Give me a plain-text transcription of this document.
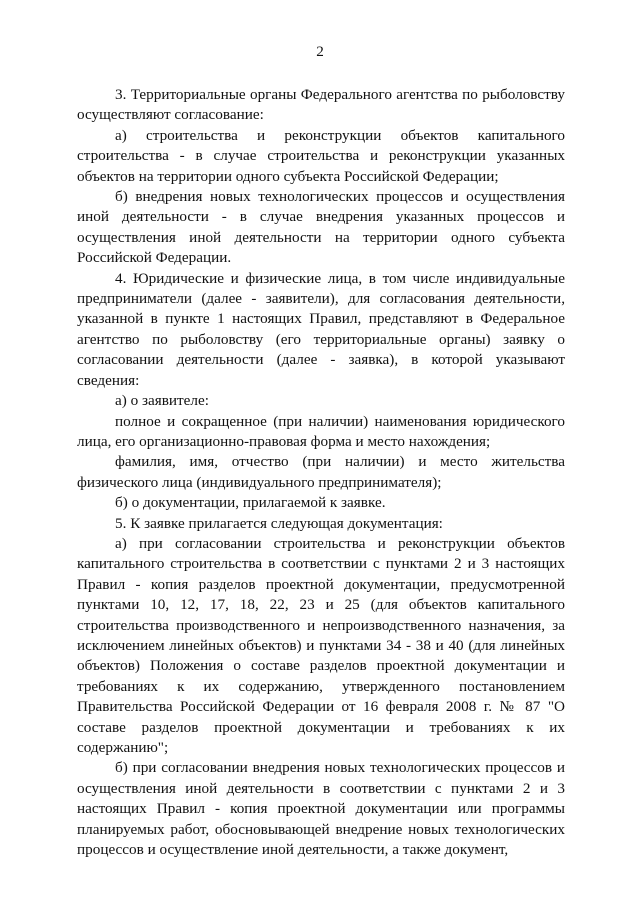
2

3. Территориальные органы Федерального агентства по рыболовству осуществляют согласование:

а) строительства и реконструкции объектов капитального строительства - в случае строительства и реконструкции указанных объектов на территории одного субъекта Российской Федерации;

б) внедрения новых технологических процессов и осуществления иной деятельности - в случае внедрения указанных процессов и осуществления иной деятельности на территории одного субъекта Российской Федерации.

4. Юридические и физические лица, в том числе индивидуальные предприниматели (далее - заявители), для согласования деятельности, указанной в пункте 1 настоящих Правил, представляют в Федеральное агентство по рыболовству (его территориальные органы) заявку о согласовании деятельности (далее - заявка), в которой указывают сведения:

а) о заявителе:

полное и сокращенное (при наличии) наименования юридического лица, его организационно-правовая форма и место нахождения;

фамилия, имя, отчество (при наличии) и место жительства физического лица (индивидуального предпринимателя);

б) о документации, прилагаемой к заявке.

5. К заявке прилагается следующая документация:

а) при согласовании строительства и реконструкции объектов капитального строительства в соответствии с пунктами 2 и 3 настоящих Правил - копия разделов проектной документации, предусмотренной пунктами 10, 12, 17, 18, 22, 23 и 25 (для объектов капитального строительства производственного и непроизводственного назначения, за исключением линейных объектов) и пунктами 34 - 38 и 40 (для линейных объектов) Положения о составе разделов проектной документации и требованиях к их содержанию, утвержденного постановлением Правительства Российской Федерации от 16 февраля 2008 г. № 87 "О составе разделов проектной документации и требованиях к их содержанию";

б) при согласовании внедрения новых технологических процессов и осуществления иной деятельности в соответствии с пунктами 2 и 3 настоящих Правил - копия проектной документации или программы планируемых работ, обосновывающей внедрение новых технологических процессов и осуществление иной деятельности, а также документ,
